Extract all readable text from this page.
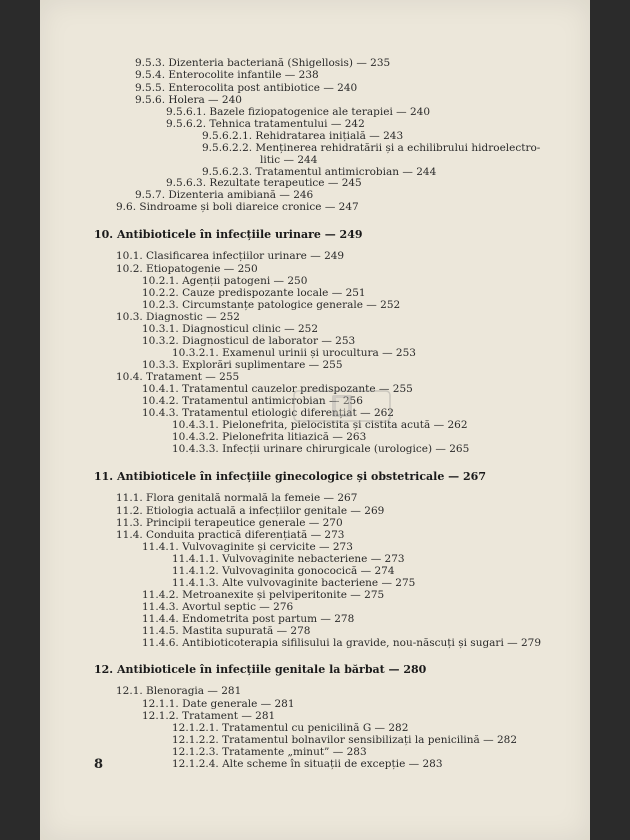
9.5.3. Dizenteria bacteriană (Shigellosis) — 235
9.5.4. Enterocolite infantile — 238
9.5.5. Enterocolita post antibiotice — 240
9.5.6. Holera — 240
9.5.6.1. Bazele fiziopatogenice ale terapiei — 240
9.5.6.2. Tehnica tratamentului — 242
9.5.6.2.1. Rehidratarea inițială — 243
9.5.6.2.2. Menținerea rehidratării și a echilibrului hidroelectro-
litic — 244
9.5.6.2.3. Tratamentul antimicrobian — 244
9.5.6.3. Rezultate terapeutice — 245
9.5.7. Dizenteria amibiană — 246
9.6. Sindroame și boli diareice cronice — 247
10. Antibioticele în infecțiile urinare — 249
10.1. Clasificarea infecțiilor urinare — 249
10.2. Etiopatogenie — 250
10.2.1. Agenții patogeni — 250
10.2.2. Cauze predispozante locale — 251
10.2.3. Circumstanțe patologice generale — 252
10.3. Diagnostic — 252
10.3.1. Diagnosticul clinic — 252
10.3.2. Diagnosticul de laborator — 253
10.3.2.1. Examenul urinii și urocultura — 253
10.3.3. Explorări suplimentare — 255
10.4. Tratament — 255
10.4.1. Tratamentul cauzelor predispozante — 255
10.4.2. Tratamentul antimicrobian — 256
10.4.3. Tratamentul etiologic diferențiat — 262
10.4.3.1. Pielonefrita, pielocistita și cistita acută — 262
10.4.3.2. Pielonefrita litiazică — 263
10.4.3.3. Infecții urinare chirurgicale (urologice) — 265
11. Antibioticele în infecțiile ginecologice și obstetricale — 267
11.1. Flora genitală normală la femeie — 267
11.2. Etiologia actuală a infecțiilor genitale — 269
11.3. Principii terapeutice generale — 270
11.4. Conduita practică diferențiată — 273
11.4.1. Vulvovaginite și cervicite — 273
11.4.1.1. Vulvovaginite nebacteriene — 273
11.4.1.2. Vulvovaginita gonococică — 274
11.4.1.3. Alte vulvovaginite bacteriene — 275
11.4.2. Metroanexite și pelviperitonite — 275
11.4.3. Avortul septic — 276
11.4.4. Endometrita post partum — 278
11.4.5. Mastita supurată — 278
11.4.6. Antibioticoterapia sifilisului la gravide, nou-născuți și sugari — 279
12. Antibioticele în infecțiile genitale la bărbat — 280
12.1. Blenoragia — 281
12.1.1. Date generale — 281
12.1.2. Tratament — 281
12.1.2.1. Tratamentul cu penicilină G — 282
12.1.2.2. Tratamentul bolnavilor sensibilizați la penicilină — 282
12.1.2.3. Tratamente „minut” — 283
12.1.2.4. Alte scheme în situații de excepție — 283
8
